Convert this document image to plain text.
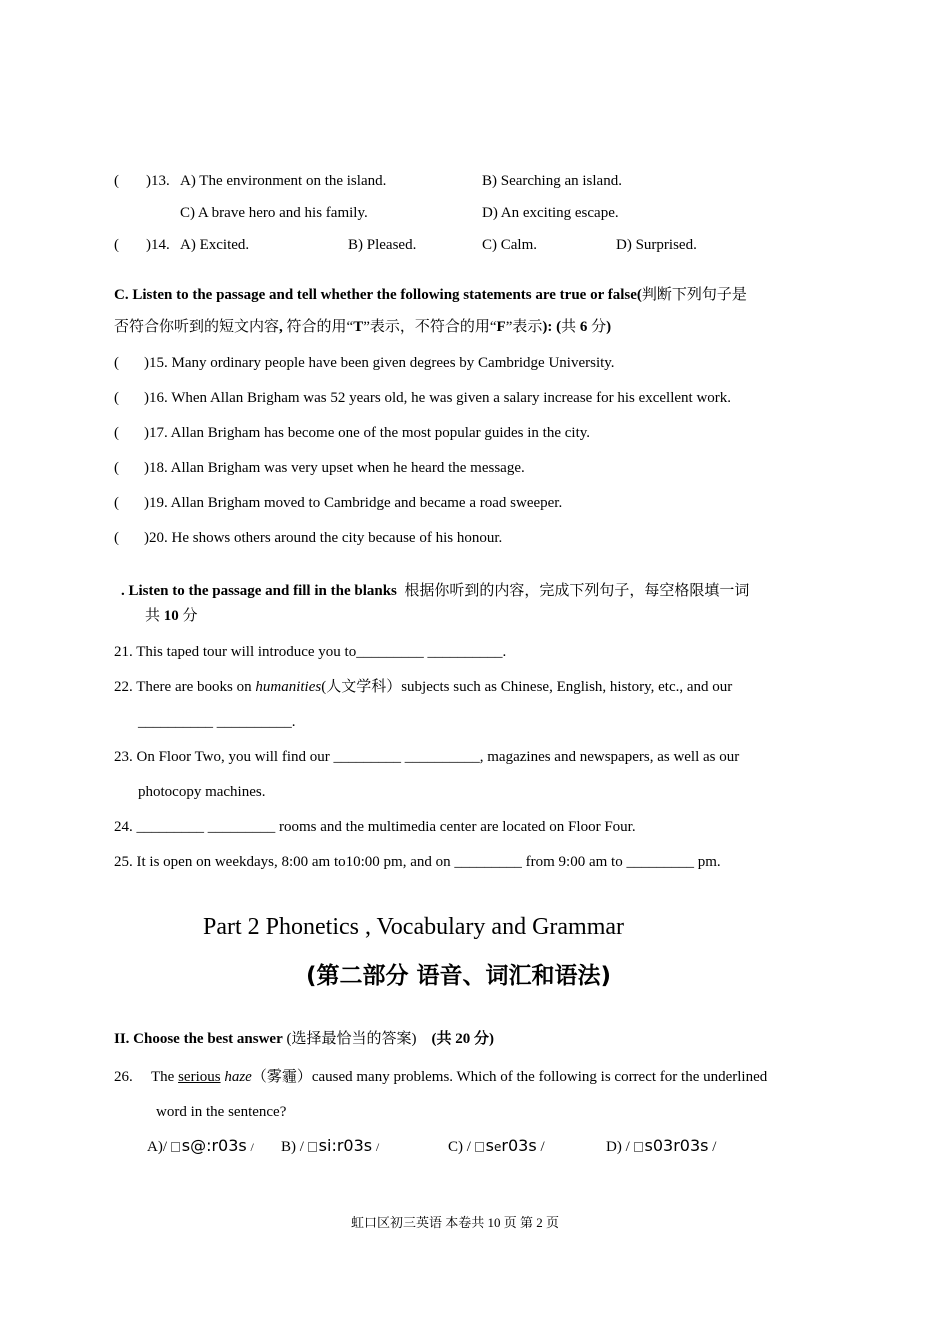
( )13. A) The environment on the island.	B) Searching an island.
C) A brave hero and his family.	D) An exciting escape.
( )14. A) Excited.	B) Pleased.	C) Calm.	D) Surprised.
C. Listen to the passage and tell whether the following statements are true or false(判断下列句子是
否符合你听到的短文内容, 符合的用“T”表示，不符合的用“F”表示): (共 6 分)
( )15. Many ordinary people have been given degrees by Cambridge University.
( )16. When Allan Brigham was 52 years old, he was given a salary increase for his excellent work.
( )17. Allan Brigham has become one of the most popular guides in the city.
( )18. Allan Brigham was very upset when he heard the message.
( )19. Allan Brigham moved to Cambridge and became a road sweeper.
( )20. He shows others around the city because of his honour.
. Listen to the passage and fill in the blanks 根据你听到的内容，完成下列句子，每空格限填一词
共 10 分
21. This taped tour will introduce you to_________ __________.
22. There are books on humanities(人文学科）subjects such as Chinese, English, history, etc., and our
__________ __________.
23. On Floor Two, you will find our _________ __________, magazines and newspapers, as well as our
photocopy machines.
24. _________ _________ rooms and the multimedia center are located on Floor Four.
25. It is open on weekdays, 8:00 am to10:00 pm, and on _________ from 9:00 am to _________ pm.
Part 2 Phonetics , Vocabulary and Grammar
(第二部分 语音、词汇和语法)
II. Choose the best answer (选择最恰当的答案) (共 20 分)
26. The serious haze（雾霾）caused many problems. Which of the following is correct for the underlined
word in the sentence?
A)/ s@:r03s / B) / si:r03s /	C) / ser03s /	D) / s03r03s /
虹口区初三英语 本卷共 10 页 第 2 页
